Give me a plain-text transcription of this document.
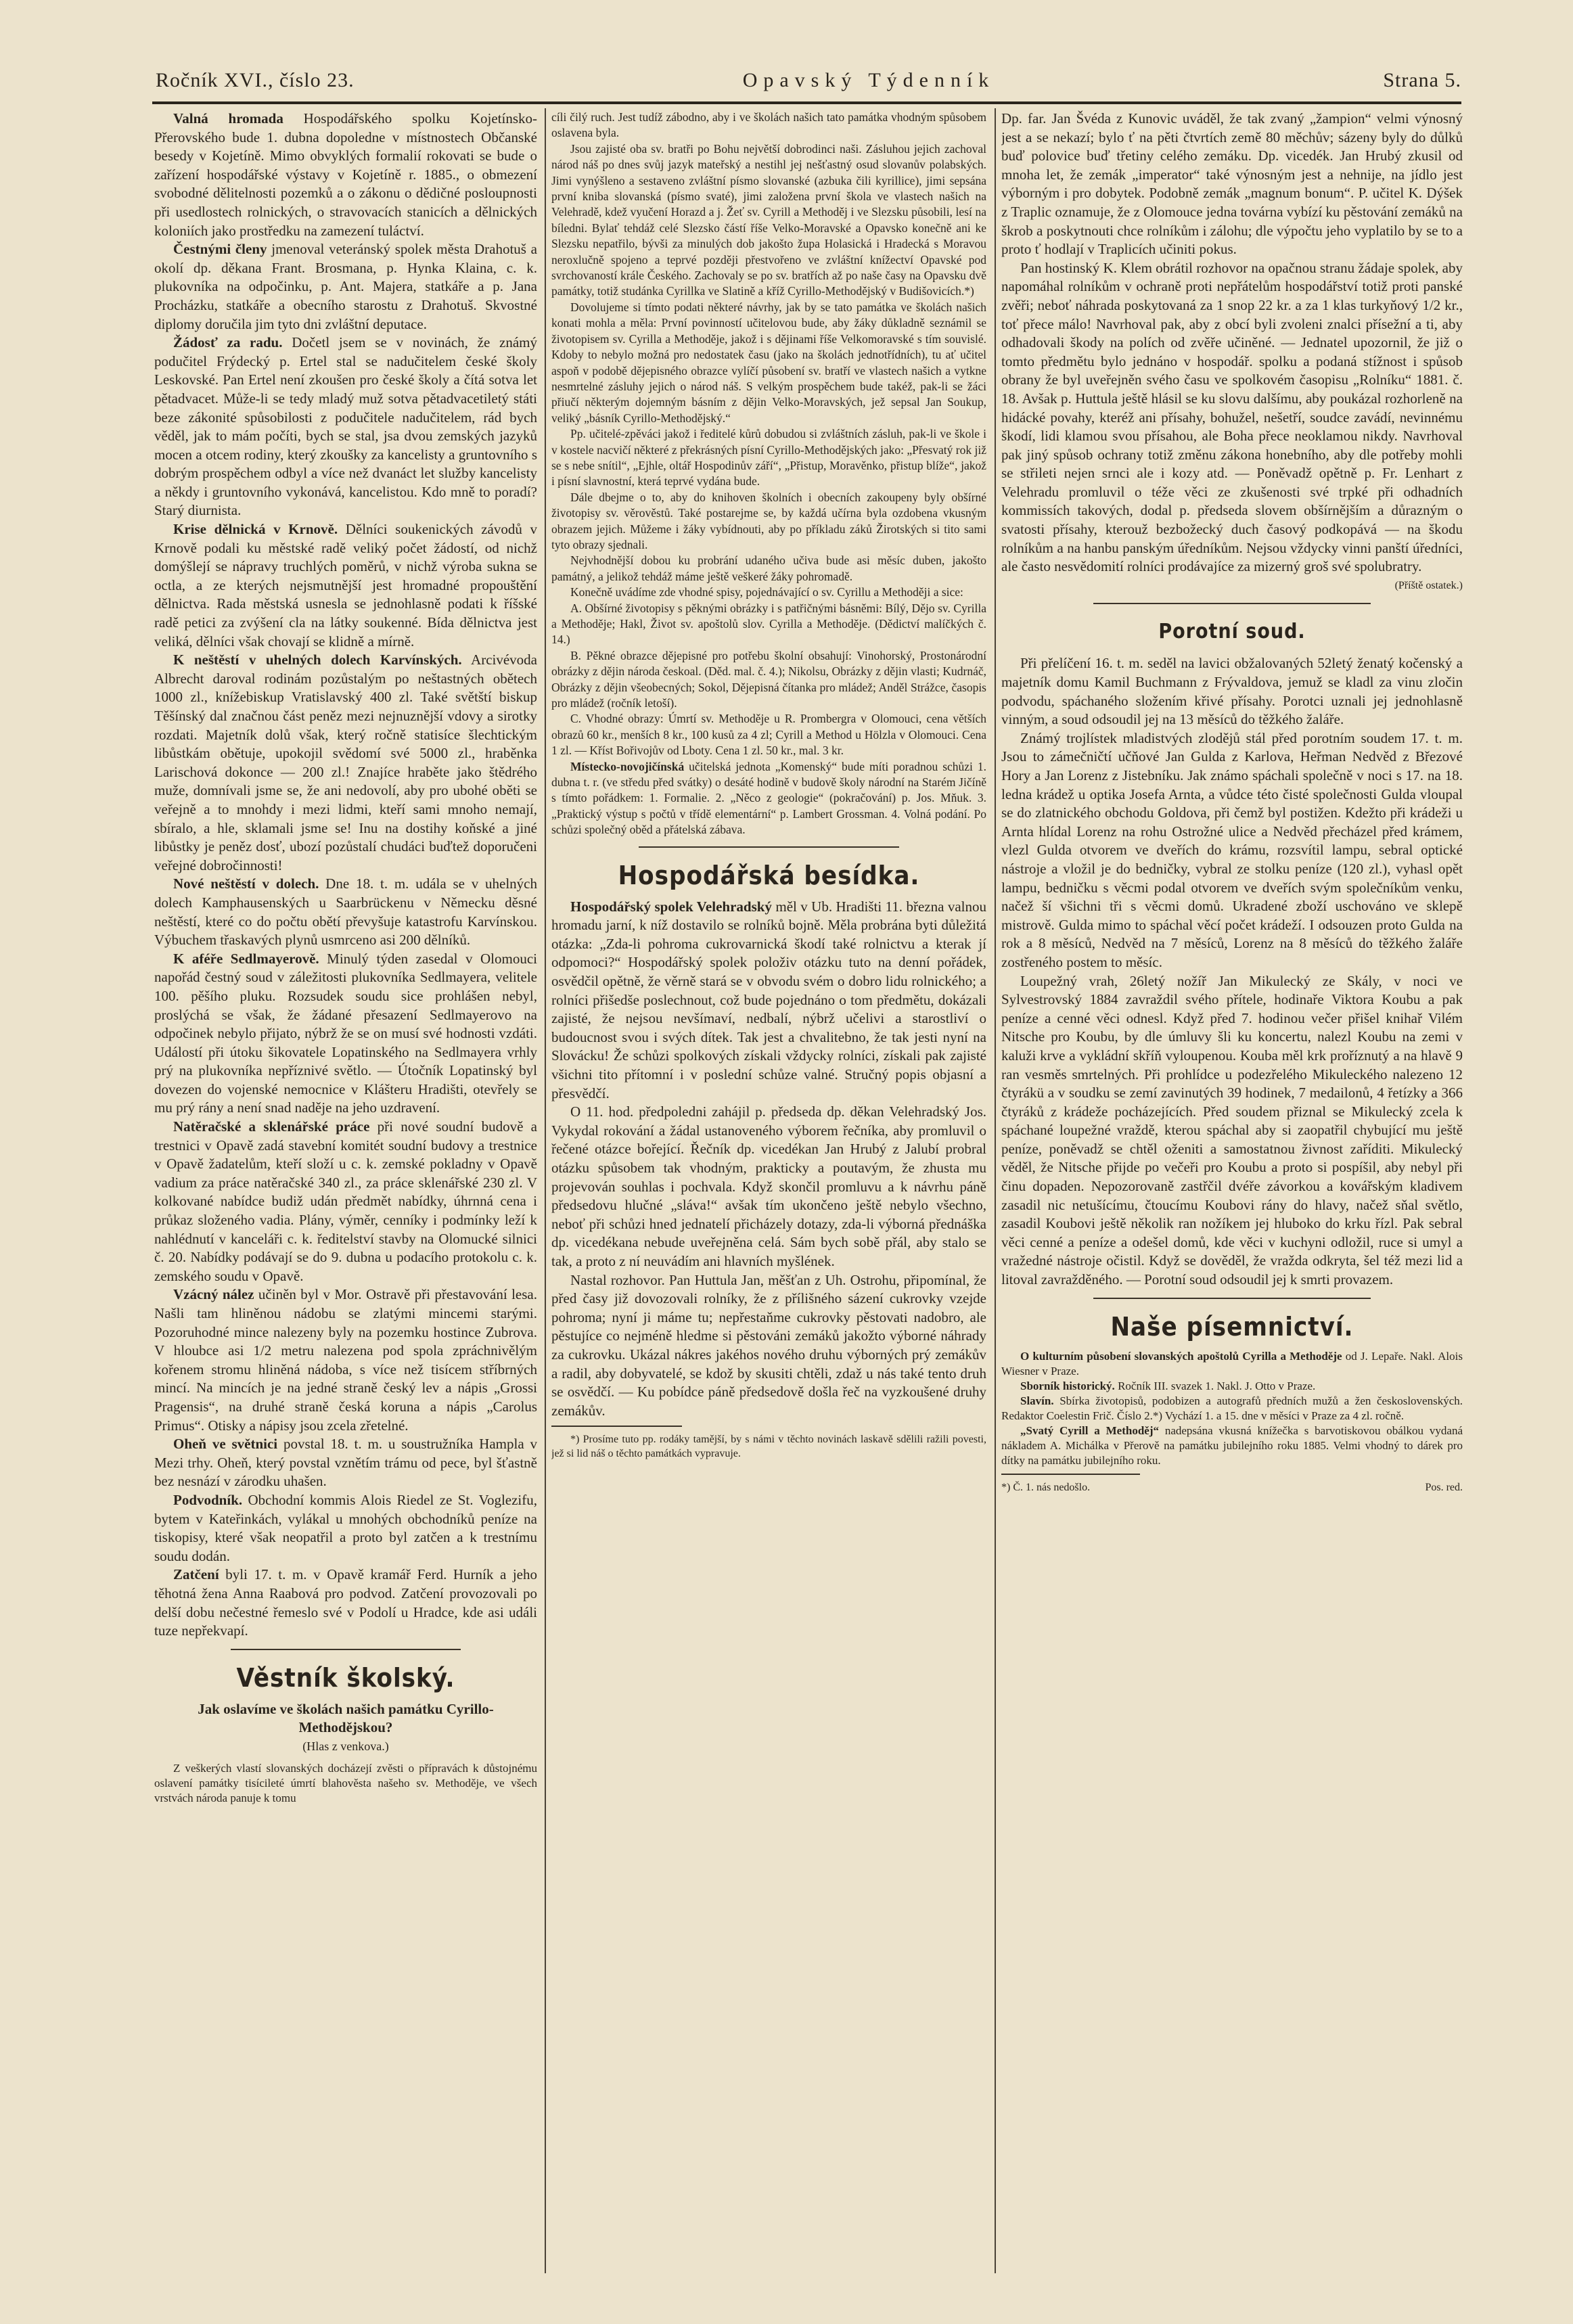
Ročník XVI., číslo 23.	Opavský Týdenník	Strana 5.

Valná hromada Hospodářského spolku Kojetínsko-Přerovského bude 1. dubna dopoledne v místnostech Občanské besedy v Kojetíně. Mimo obvyklých formalií rokovati se bude o zařízení hospodářské výstavy v Kojetíně r. 1885., o obmezení svobodné dělitelnosti pozemků a o zákonu o dědičné posloupnosti při usedlostech rolnických, o stravovacích stanicích a dělnických koloniích jako prostředku na zamezení tuláctví.

Čestnými členy jmenoval veteránský spolek města Drahotuš a okolí dp. děkana Frant. Brosmana, p. Hynka Klaina, c. k. plukovníka na odpočinku, p. Ant. Majera, statkáře a p. Jana Procházku, statkáře a obecního starostu z Drahotuš. Skvostné diplomy doručila jim tyto dni zvláštní deputace.

Žádosť za radu. Dočetl jsem se v novinách, že známý podučitel Frýdecký p. Ertel stal se nadučitelem české školy Leskovské. Pan Ertel není zkoušen pro české školy a čítá sotva let pětadvacet. Může-li se tedy mladý muž sotva pětadvacetiletý státi beze zákonité spůsobilosti z podučitele nadučitelem, rád bych věděl, jak to mám počíti, bych se stal, jsa dvou zemských jazyků mocen a otcem rodiny, který zkoušky za kancelisty a gruntovního s dobrým prospěchem odbyl a více než dvanáct let služby kancelisty a někdy i gruntovního vykonává, kancelistou. Kdo mně to poradí? Starý diurnista.

Krise dělnická v Krnově. Dělníci soukenických závodů v Krnově podali ku městské radě veliký počet žádostí, od nichž domýšlejí se nápravy truchlých poměrů, v nichž výroba sukna se octla, a ze kterých nejsmutnější jest hromadné propouštění dělnictva. Rada městská usnesla se jednohlasně podati k říšské radě petici za zvýšení cla na látky soukenné. Bída dělnictva jest veliká, dělníci však chovají se klidně a mírně.

K neštěstí v uhelných dolech Karvínských. Arcivévoda Albrecht daroval rodinám pozůstalým po neštastných obětech 1000 zl., knížebiskup Vratislavský 400 zl. Také světští biskup Těšínský dal značnou část peněz mezi nejnuznější vdovy a sirotky rozdati. Majetník dolů však, který ročně statisíce šlechtickým libůstkám obětuje, upokojil svědomí své 5000 zl., hraběnka Larischová dokonce — 200 zl.! Znajíce hraběte jako štědrého muže, domnívali jsme se, že ani nedovolí, aby pro ubohé oběti se veřejně a to mnohdy i mezi lidmi, kteří sami mnoho nemají, sbíralo, a hle, sklamali jsme se! Inu na dostihy koňské a jiné libůstky je peněz dosť, ubozí pozůstalí chudáci buďtež doporučeni veřejné dobročinnosti!

Nové neštěstí v dolech. Dne 18. t. m. udála se v uhelných dolech Kamphausenských u Saarbrückenu v Německu děsné neštěstí, které co do počtu obětí převyšuje katastrofu Karvínskou. Výbuchem třaskavých plynů usmrceno asi 200 dělníků.

K aféře Sedlmayerově. Minulý týden zasedal v Olomouci napořád čestný soud v záležitosti plukovníka Sedlmayera, velitele 100. pěšího pluku. Rozsudek soudu sice prohlášen nebyl, proslýchá se však, že žádané přesazení Sedlmayerovo na odpočinek nebylo přijato, nýbrž že se on musí své hodnosti vzdáti. Událostí při útoku šikovatele Lopatinského na Sedlmayera vrhly prý na plukovníka nepříznivé světlo. — Útočník Lopatinský byl dovezen do vojenské nemocnice v Klášteru Hradišti, otevřely se mu prý rány a není snad naděje na jeho uzdravení.

Natěračské a sklenářské práce při nové soudní budově a trestnici v Opavě zadá stavební komitét soudní budovy a trestnice v Opavě žadatelům, kteří složí u c. k. zemské pokladny v Opavě vadium za práce natěračské 340 zl., za práce sklenářské 230 zl. V kolkované nabídce budiž udán předmět nabídky, úhrnná cena i průkaz složeného vadia. Plány, výměr, cenníky i podmínky leží k nahlédnutí v kanceláři c. k. ředitelství stavby na Olomucké silnici č. 20. Nabídky podávají se do 9. dubna u podacího protokolu c. k. zemského soudu v Opavě.

Vzácný nález učiněn byl v Mor. Ostravě při přestavování lesa. Našli tam hliněnou nádobu se zlatými mincemi starými. Pozoruhodné mince nalezeny byly na pozemku hostince Zubrova. V hloubce asi 1/2 metru nalezena pod spola zpráchnivělým kořenem stromu hliněná nádoba, s více než tisícem stříbrných mincí. Na mincích je na jedné straně český lev a nápis „Grossi Pragensis“, na druhé straně česká koruna a nápis „Carolus Primus“. Otisky a nápisy jsou zcela zřetelné.

Oheň ve světnici povstal 18. t. m. u soustružníka Hampla v Mezi trhy. Oheň, který povstal vznětím trámu od pece, byl šťastně bez nesnází v zárodku uhašen.

Podvodník. Obchodní kommis Alois Riedel ze St. Voglezifu, bytem v Kateřinkách, vylákal u mnohých obchodníků peníze na tiskopisy, které však neopatřil a proto byl zatčen a k trestnímu soudu dodán.

Zatčení byli 17. t. m. v Opavě kramář Ferd. Hurník a jeho těhotná žena Anna Raabová pro podvod. Zatčení provozovali po delší dobu nečestné řemeslo své v Podolí u Hradce, kde asi událi tuze nepřekvapí.

Věstník školský.

Jak oslavíme ve školách našich památku Cyrillo-Methodějskou?

(Hlas z venkova.)

Z veškerých vlastí slovanských docházejí zvěsti o přípravách k důstojnému oslavení památky tisícileté úmrtí blahověsta našeho sv. Methoděje, ve všech vrstvách národa panuje k tomu

cíli čilý ruch. Jest tudíž zábodno, aby i ve školách našich tato památka vhodným spůsobem oslavena byla.

Jsou zajisté oba sv. bratři po Bohu největší dobrodinci naši. Zásluhou jejich zachoval národ náš po dnes svůj jazyk mateřský a nestihl jej nešťastný osud slovanův polabských. Jimi vynýšleno a sestaveno zvláštní písmo slovanské (azbuka čili kyrillice), jimi sepsána první kniba slovanská (písmo svaté), jimi založena první škola ve vlastech našich na Velehradě, kdež vyučení Horazd a j. Žeť sv. Cyrill a Methoděj i ve Slezsku působili, lesí na bíledni. Bylať tehdáž celé Slezsko částí říše Velko-Moravské a Opavsko konečně ani ke Slezsku nepatřilo, bývši za minulých dob jakošto župa Holasická i Hradecká s Moravou neroxlučně spojeno a teprvé později přestvořeno ve zvláštní knížectví Opavské pod svrchovaností krále Českého. Zachovaly se po sv. bratřích až po naše časy na Opavsku dvě památky, totiž studánka Cyrillka ve Slatině a kříž Cyrillo-Methodějský v Budišovicích.*)

Dovolujeme si tímto podati některé návrhy, jak by se tato památka ve školách našich konati mohla a měla: První povinností učitelovou bude, aby žáky důkladně seznámil se životopisem sv. Cyrilla a Methoděje, jakož i s dějinami říše Velkomoravské s tím souvislé. Kdoby to nebylo možná pro nedostatek času (jako na školách jednotřídních), tu ať učitel aspoň v podobě dějepisného obrazce vylíčí působení sv. bratří ve vlastech našich a vytkne nesmrtelné zásluhy jejich o národ náš. S velkým prospěchem bude takéž, pak-li se žáci přiučí některým dojemným básním z dějin Velko-Moravských, jež sepsal Jan Soukup, veliký „básník Cyrillo-Methodějský.“

Pp. učitelé-zpěváci jakož i ředitelé kůrů dobudou si zvláštních zásluh, pak-li ve škole i v kostele nacvičí některé z překrásných písní Cyrillo-Methodějských jako: „Přesvatý rok již se s nebe snítil“, „Ejhle, oltář Hospodinův září“, „Přistup, Moravěnko, přistup blíže“, jakož i písní slavnostní, která teprvé vydána bude.

Dále dbejme o to, aby do knihoven školních i obecních zakoupeny byly obšírné životopisy sv. věrověstů. Také postarejme se, by každá učírna byla ozdobena vkusným obrazem jejich. Můžeme i žáky vybídnouti, aby po příkladu záků Žirotských si tito sami tyto obrazy sjednali.

Nejvhodnější dobou ku probrání udaného učiva bude asi měsíc duben, jakošto památný, a jelikož tehdáž máme ještě veškeré žáky pohromadě.

Konečně uvádíme zde vhodné spisy, pojednávající o sv. Cyrillu a Methoději a sice:

A. Obšírné životopisy s pěknými obrázky i s patřičnými básněmi: Bílý, Dějo sv. Cyrilla a Methoděje; Hakl, Život sv. apoštolů slov. Cyrilla a Methoděje. (Dědictví malíčkých č. 14.)

B. Pěkné obrazce dějepisné pro potřebu školní obsahují: Vinohorský, Prostonárodní obrázky z dějin národa českoal. (Děd. mal. č. 4.); Nikolsu, Obrázky z dějin vlasti; Kudrnáč, Obrázky z dějin všeobecných; Sokol, Dějepisná čítanka pro mládež; Anděl Strážce, časopis pro mládež (ročník letoší).

C. Vhodné obrazy: Úmrtí sv. Methoděje u R. Prombergra v Olomouci, cena větších obrazů 60 kr., menších 8 kr., 100 kusů za 4 zl; Cyrill a Method u Hölzla v Olomouci. Cena 1 zl. — Kříst Bořivojův od Lboty. Cena 1 zl. 50 kr., mal. 3 kr.

Místecko-novojičínská učitelská jednota „Komenský“ bude míti poradnou schůzi 1. dubna t. r. (ve středu před svátky) o desáté hodině v budově školy národní na Starém Jičíně s tímto pořádkem: 1. Formalie. 2. „Něco z geologie“ (pokračování) p. Jos. Mňuk. 3. „Praktický výstup s počtů v třídě elementární“ p. Lambert Grossman. 4. Volná podání. Po schůzi společný oběd a přátelská zábava.

Hospodářská besídka.

Hospodářský spolek Velehradský měl v Ub. Hradišti 11. března valnou hromadu jarní, k níž dostavilo se rolníků bojně. Měla probrána byti důležitá otázka: „Zda-li pohroma cukrovarnická škodí také rolnictvu a kterak jí odpomoci?“ Hospodářský spolek položiv otázku tuto na denní pořádek, osvědčil opětně, že věrně stará se v obvodu svém o dobro lidu rolnického; a rolníci přišedše poslechnout, což bude pojednáno o tom předmětu, dokázali zajisté, že nejsou nevšímaví, nedbalí, nýbrž učelivi a starostliví o budoucnost svou i svých dítek. Tak jest a chvalitebno, že tak jesti nyní na Slovácku! Že schůzi spolkových získali vždycky rolníci, získali pak zajisté všichni tito přítomní i v poslední schůze valné. Stručný popis objasní a přesvědčí.

O 11. hod. předpoledni zahájil p. předseda dp. děkan Velehradský Jos. Vykydal rokování a žádal ustanoveného výborem řečníka, aby promluvil o řečené otázce bořející. Řečník dp. vicedékan Jan Hrubý z Jalubí probral otázku spůsobem tak vhodným, prakticky a poutavým, že zhusta mu projevován souhlas i pochvala. Když skončil promluvu a k návrhu páně předsedovu hlučné „sláva!“ avšak tím ukončeno ještě nebylo všechno, neboť při schůzi hned jednatelí přicházely dotazy, zda-li výborná přednáška dp. vicedékana nebude uveřejněna celá. Sám bych sobě přál, aby stalo se tak, a proto z ní neuvádím ani hlavních myšlének.

Nastal rozhovor. Pan Huttula Jan, měšťan z Uh. Ostrohu, připomínal, že před časy již dovozovali rolníky, že z přílišného sázení cukrovky vzejde pohroma; nyní ji máme tu; nepřestaňme cukrovky pěstovati nadobro, ale pěstujíce co nejméně hledme si pěstováni zemáků jakožto výborné náhrady za cukrovku. Ukázal nákres jakéhos nového druhu výborných prý zemákův a radil, aby dobyvatelé, se kdož by skusiti chtěli, zdaž u nás také tento druh se osvědčí. — Ku pobídce páně předsedově došla řeč na vyzkoušené druhy zemákův.

*) Prosíme tuto pp. rodáky tamější, by s námi v těchto novinách laskavě sdělili ražili povesti, jež si lid náš o těchto památkách vypravuje.

Dp. far. Jan Švéda z Kunovic uváděl, že tak zvaný „žampion“ velmi výnosný jest a se nekazí; bylo ť na pěti čtvrtích země 80 měchův; sázeny byly do důlků buď polovice buď třetiny celého zemáku. Dp. vicedék. Jan Hrubý zkusil od mnoha let, že zemák „imperator“ také výnosným jest a nehnije, na jídlo jest výborným i pro dobytek. Podobně zemák „magnum bonum“. P. učitel K. Dýšek z Traplic oznamuje, že z Olomouce jedna továrna vybízí ku pěstování zemáků na škrob a poskytnouti chce rolníkům i zálohu; dle výpočtu jeho vyplatilo by se to a proto ť hodlají v Traplicích učiniti pokus.

Pan hostinský K. Klem obrátil rozhovor na opačnou stranu žádaje spolek, aby napomáhal rolníkům v ochraně proti nepřátelům hospodářství totiž proti panské zvěři; neboť náhrada poskytovaná za 1 snop 22 kr. a za 1 klas turkyňový 1/2 kr., toť přece málo! Navrhoval pak, aby z obcí byli zvoleni znalci přísežní a ti, aby odhadovali škody na polích od zvěře učiněné. — Jednatel upozornil, že již o tomto předmětu bylo jednáno v hospodář. spolku a podaná stížnost i spůsob obrany že byl uveřejněn svého času ve spolkovém časopisu „Rolníku“ 1881. č. 18. Avšak p. Huttula ještě hlásil se ku slovu dalšímu, aby poukázal rozhorleně na hidácké povahy, kteréž ani přísahy, bohužel, nešetří, soudce zavádí, nevinnému škodí, lidi klamou svou přísahou, ale Boha přece neoklamou nikdy. Navrhoval pak jiný spůsob ochrany totiž změnu zákona honebního, aby dle potřeby mohli se střileti nejen srnci ale i kozy atd. — Poněvadž opětně p. Fr. Lenhart z Velehradu promluvil o téže věci ze zkušenosti své trpké při odhadních kommissích takových, dodal p. předseda slovem obšírnějším a důrazným o svatosti přísahy, kterouž bezbožecký duch časový podkopává — na škodu rolníkům a na hanbu panským úředníkům. Nejsou vždycky vinni panští úředníci, ale často nesvědomití rolníci prodávajíce za mizerný groš své spolubratry.

(Příště ostatek.)
Porotní soud.

Při přelíčení 16. t. m. seděl na lavici obžalovaných 52letý ženatý kočenský a majetník domu Kamil Buchmann z Frývaldova, jemuž se kladl za vinu zločin podvodu, spáchaného složením křivé přísahy. Porotci uznali jej jednohlasně vinným, a soud odsoudil jej na 13 měsíců do těžkého žaláře.

Známý trojlístek mladistvých zlodějů stál před porotním soudem 17. t. m. Jsou to zámečničtí učňové Jan Gulda z Karlova, Heřman Nedvěd z Březové Hory a Jan Lorenz z Jistebníku. Jak známo spáchali společně v noci s 17. na 18. ledna krádež u optika Josefa Arnta, a vůdce této čisté společnosti Gulda vloupal se do zlatnického obchodu Goldova, při čemž byl postižen. Kdežto při krádeži u Arnta hlídal Lorenz na rohu Ostrožné ulice a Nedvěd přecházel před krámem, vlezl Gulda otvorem ve dveřích do krámu, rozsvítil lampu, sebral optické nástroje a vložil je do bedničky, vybral ze stolku peníze (120 zl.), vyhasl opět lampu, bedničku s věcmi podal otvorem ve dveřích svým společníkům venku, načež ší všichni tři s věcmi domů. Ukradené zboží uschováno ve sklepě mistrově. Gulda mimo to spáchal věcí počet krádeží. I odsouzen proto Gulda na rok a 8 měsíců, Nedvěd na 7 měsíců, Lorenz na 8 měsíců do těžkého žaláře zostřeného postem to měsíc.

Loupežný vrah, 26letý nožíř Jan Mikulecký ze Skály, v noci ve Sylvestrovský 1884 zavraždil svého přítele, hodinaře Viktora Koubu a pak peníze a cenné věci odnesl. Když před 7. hodinou večer přišel knihař Vilém Nitsche pro Koubu, by dle úmluvy šli ku koncertu, nalezl Koubu na zemi v kaluži krve a vykládní skříň vyloupenou. Kouba měl krk proříznutý a na hlavě 9 ran vesměs smrtelných. Při prohlídce u podezřelého Mikuleckého nalezeno 12 čtyrákü a v soudku se zemí zavinutých 39 hodinek, 7 medailonů, 4 řetízky a 366 čtyráků z krádeže pocházejících. Před soudem přiznal se Mikulecký zcela k spáchané loupežné vraždě, kterou spáchal aby si zaopatřil chybující mu ještě peníze, poněvadž se chtěl oženiti a samostatnou živnost zaříditi. Mikulecký věděl, že Nitsche přijde po večeři pro Koubu a proto si pospíšil, aby nebyl při činu dopaden. Nepozorovaně zastřčil dvéře závorkou a kovářským kladivem zasadil nic netušícímu, čtoucímu Koubovi rány do hlavy, načež sňal světlo, zasadil Koubovi ještě několik ran nožíkem jej hluboko do krku řízl. Pak sebral věci cenné a peníze a odešel domů, kde věci v kuchyni odložil, ruce si umyl a vražedné nástroje očistil. Když se dověděl, že vražda odkryta, šel též mezi lid a litoval zavražděného. — Porotní soud odsoudil jej k smrti provazem.

Naše písemnictví.

O kulturním působení slovanských apoštolů Cyrilla a Methoděje od J. Lepaře. Nakl. Alois Wiesner v Praze.

Sborník historický. Ročník III. svazek 1. Nakl. J. Otto v Praze.

Slavín. Sbírka životopisů, podobizen a autografů předních mužů a žen československých. Redaktor Coelestin Frič. Číslo 2.*) Vychází 1. a 15. dne v měsíci v Praze za 4 zl. ročně.

„Svatý Cyrill a Methoděj“ nadepsána vkusná knížečka s barvotiskovou obálkou vydaná nákladem A. Michálka v Přerově na památku jubilejního roku 1885. Velmi vhodný to dárek pro dítky na památku jubilejního roku.

*) Č. 1. nás nedošlo.	Pos. red.
